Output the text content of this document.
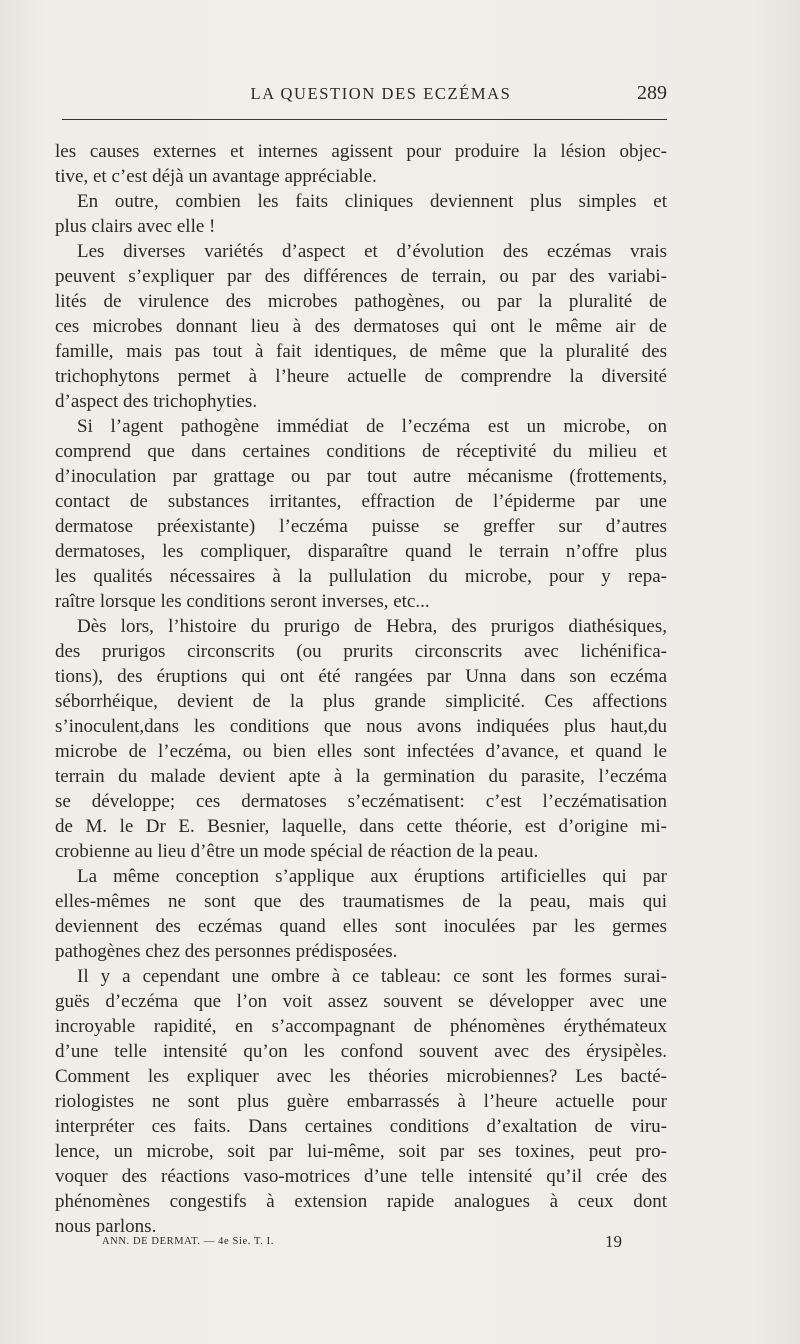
LA QUESTION DES ECZÉMAS	289
les causes externes et internes agissent pour produire la lésion objec-
tive, et c’est déjà un avantage appréciable.
En outre, combien les faits cliniques deviennent plus simples et
plus clairs avec elle !
Les diverses variétés d’aspect et d’évolution des eczémas vrais
peuvent s’expliquer par des différences de terrain, ou par des variabi-
lités de virulence des microbes pathogènes, ou par la pluralité de
ces microbes donnant lieu à des dermatoses qui ont le même air de
famille, mais pas tout à fait identiques, de même que la pluralité des
trichophytons permet à l’heure actuelle de comprendre la diversité
d’aspect des trichophyties.
Si l’agent pathogène immédiat de l’eczéma est un microbe, on
comprend que dans certaines conditions de réceptivité du milieu et
d’inoculation par grattage ou par tout autre mécanisme (frottements,
contact de substances irritantes, effraction de l’épiderme par une
dermatose préexistante) l’eczéma puisse se greffer sur d’autres
dermatoses, les compliquer, disparaître quand le terrain n’offre plus
les qualités nécessaires à la pullulation du microbe, pour y repa-
raître lorsque les conditions seront inverses, etc...
Dès lors, l’histoire du prurigo de Hebra, des prurigos diathésiques,
des prurigos circonscrits (ou prurits circonscrits avec lichénifica-
tions), des éruptions qui ont été rangées par Unna dans son eczéma
séborrhéique, devient de la plus grande simplicité. Ces affections
s’inoculent,dans les conditions que nous avons indiquées plus haut,du
microbe de l’eczéma, ou bien elles sont infectées d’avance, et quand le
terrain du malade devient apte à la germination du parasite, l’eczéma
se développe; ces dermatoses s’eczématisent: c’est l’eczématisation
de M. le Dr E. Besnier, laquelle, dans cette théorie, est d’origine mi-
crobienne au lieu d’être un mode spécial de réaction de la peau.
La même conception s’applique aux éruptions artificielles qui par
elles-mêmes ne sont que des traumatismes de la peau, mais qui
deviennent des eczémas quand elles sont inoculées par les germes
pathogènes chez des personnes prédisposées.
Il y a cependant une ombre à ce tableau: ce sont les formes surai-
guës d’eczéma que l’on voit assez souvent se développer avec une
incroyable rapidité, en s’accompagnant de phénomènes érythémateux
d’une telle intensité qu’on les confond souvent avec des érysipèles.
Comment les expliquer avec les théories microbiennes? Les bacté-
riologistes ne sont plus guère embarrassés à l’heure actuelle pour
interpréter ces faits. Dans certaines conditions d’exaltation de viru-
lence, un microbe, soit par lui-même, soit par ses toxines, peut pro-
voquer des réactions vaso-motrices d’une telle intensité qu’il crée des
phénomènes congestifs à extension rapide analogues à ceux dont
nous parlons.
ANN. DE DERMAT. — 4e Sie. T. I.	19
